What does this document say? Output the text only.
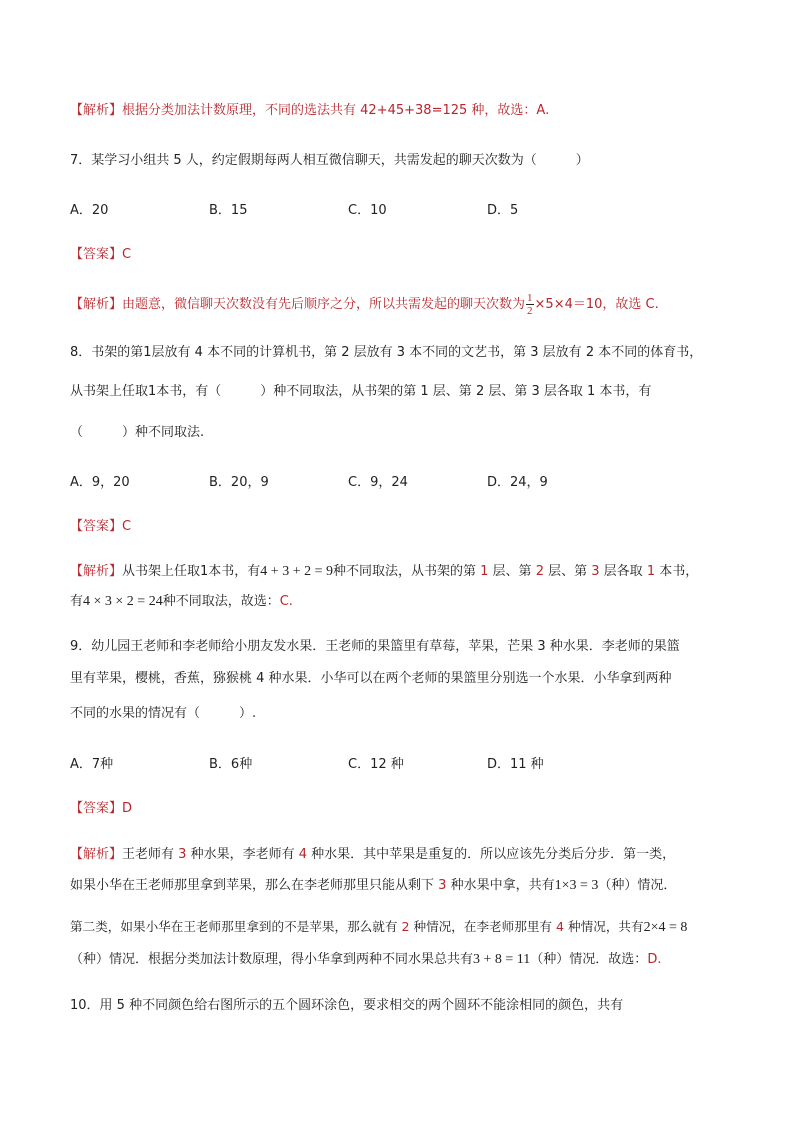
【解析】根据分类加法计数原理，不同的选法共有 42+45+38=125 种，故选：A.
7．某学习小组共 5 人，约定假期每两人相互微信聊天，共需发起的聊天次数为（　　　）
A．20	B．15	C．10	D．5
【答案】C
【解析】由题意，微信聊天次数没有先后顺序之分，所以共需发起的聊天次数为 $\frac{1}{2} \times 5\times 4=10$，故选 C.
8．书架的第1层放有 4 本不同的计算机书，第 2 层放有 3 本不同的文艺书，第 3 层放有 2 本不同的体育书，
从书架上任取1本书，有（　　　）种不同取法，从书架的第 1 层、第 2 层、第 3 层各取 1 本书，有
（　　　）种不同取法.
A．9，20	B．20，9	C．9，24	D．24，9
【答案】C
【解析】从书架上任取1本书，有4 + 3 + 2 = 9种不同取法，从书架的第 1 层、第 2 层、第 3 层各取 1 本书，
有4 × 3 × 2 = 24种不同取法，故选：C.
9．幼儿园王老师和李老师给小朋友发水果．王老师的果篮里有草莓，苹果，芒果 3 种水果．李老师的果篮
里有苹果，樱桃，香蕉，猕猴桃 4 种水果．小华可以在两个老师的果篮里分别选一个水果．小华拿到两种
不同的水果的情况有（　　　）.
A．7种	B．6种	C．12 种	D．11 种
【答案】D
【解析】王老师有 3 种水果，李老师有 4 种水果．其中苹果是重复的．所以应该先分类后分步．第一类，
如果小华在王老师那里拿到苹果，那么在李老师那里只能从剩下 3 种水果中拿，共有1×3 = 3（种）情况．
第二类，如果小华在王老师那里拿到的不是苹果，那么就有 2 种情况，在李老师那里有 4 种情况，共有2×4 = 8
（种）情况．根据分类加法计数原理，得小华拿到两种不同水果总共有3 + 8 = 11（种）情况．故选：D.
10．用 5 种不同颜色给右图所示的五个圆环涂色，要求相交的两个圆环不能涂相同的颜色，共有
